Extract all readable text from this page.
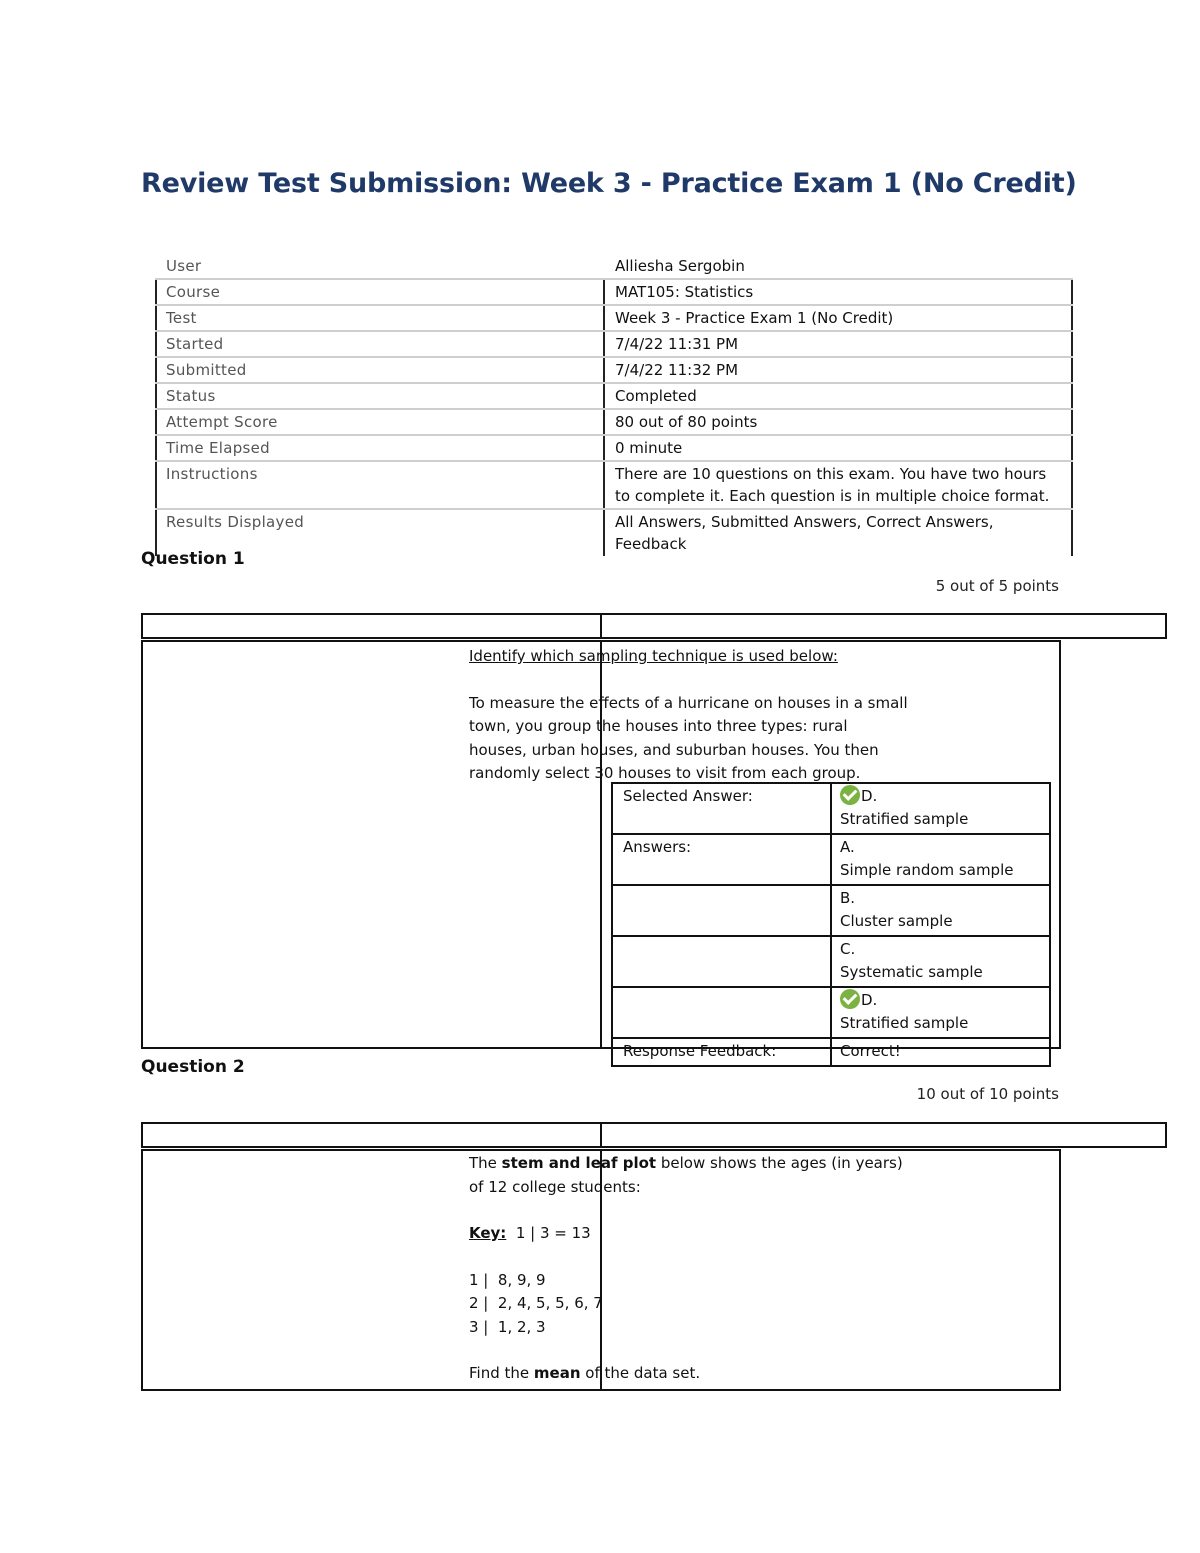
Review Test Submission: Week 3 - Practice Exam 1 (No Credit)
User	Alliesha Sergobin
Course	MAT105: Statistics
Test	Week 3 - Practice Exam 1 (No Credit)
Started	7/4/22 11:31 PM
Submitted	7/4/22 11:32 PM
Status	Completed
Attempt Score	80 out of 80 points
Time Elapsed	0 minute
Instructions	There are 10 questions on this exam. You have two hours to complete it. Each question is in multiple choice format.
Results Displayed	All Answers, Submitted Answers, Correct Answers, Feedback
Question 1
5 out of 5 points
Identify which sampling technique is used below:
To measure the effects of a hurricane on houses in a small town, you group the houses into three types: rural houses, urban houses, and suburban houses. You then randomly select 30 houses to visit from each group.
Selected Answer:	D.
Stratified sample
Answers:	A.
Simple random sample
B.
Cluster sample
C.
Systematic sample
D.
Stratified sample
Response Feedback:	Correct!
Question 2
10 out of 10 points
The stem and leaf plot below shows the ages (in years) of 12 college students:
Key:  1 | 3 = 13
1 |  8, 9, 9
2 |  2, 4, 5, 5, 6, 7
3 |  1, 2, 3
Find the mean of the data set.
